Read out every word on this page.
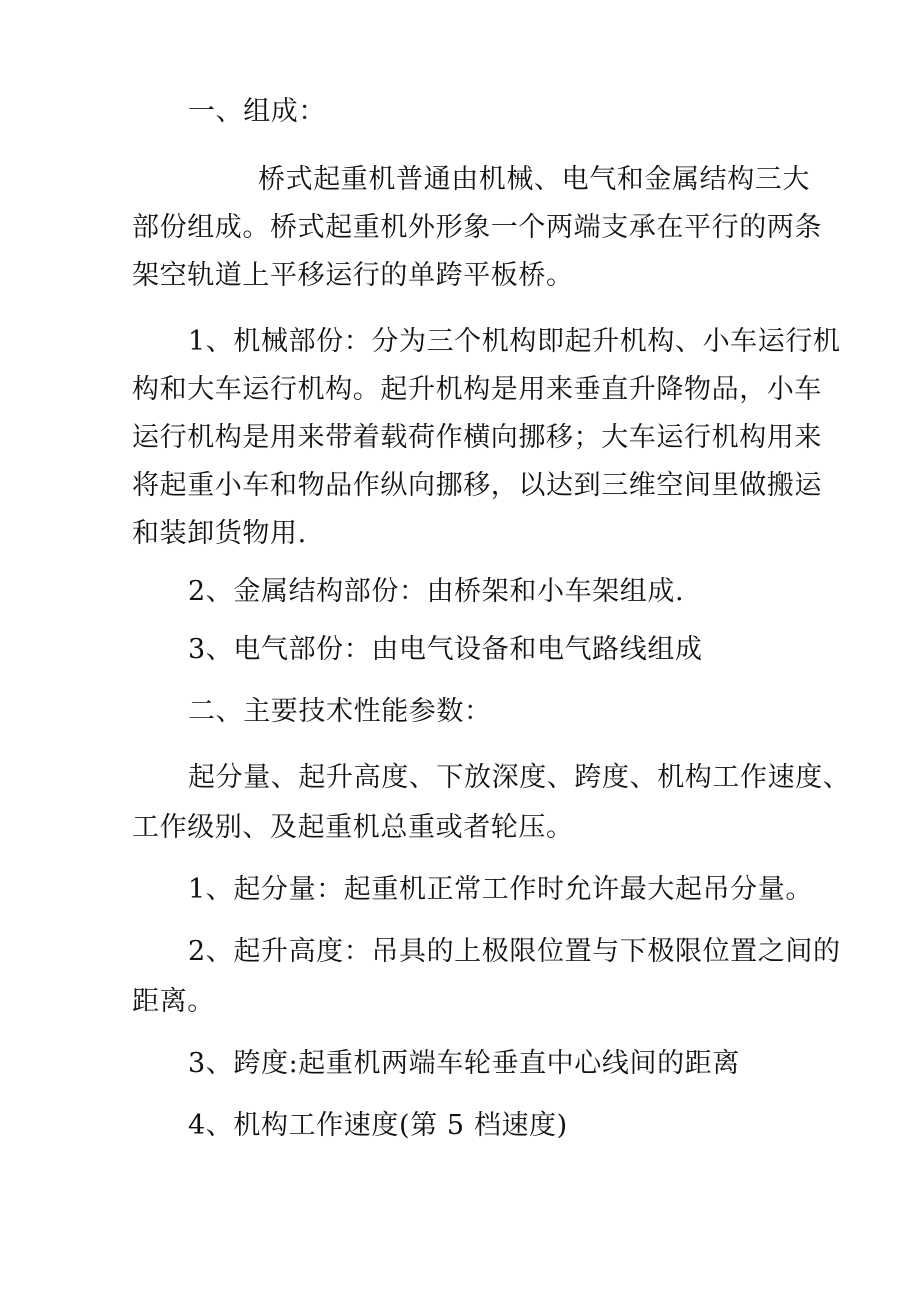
一、组成：

桥式起重机普通由机械、电气和金属结构三大

部份组成。桥式起重机外形象一个两端支承在平行的两条

架空轨道上平移运行的单跨平板桥。

1、机械部份：分为三个机构即起升机构、小车运行机

构和大车运行机构。起升机构是用来垂直升降物品，小车

运行机构是用来带着载荷作横向挪移；大车运行机构用来

将起重小车和物品作纵向挪移，以达到三维空间里做搬运

和装卸货物用.

2、金属结构部份：由桥架和小车架组成.

3、电气部份：由电气设备和电气路线组成

二、主要技术性能参数：

起分量、起升高度、下放深度、跨度、机构工作速度、

工作级别、及起重机总重或者轮压。

1、起分量：起重机正常工作时允许最大起吊分量。

2、起升高度：吊具的上极限位置与下极限位置之间的

距离。

3、跨度:起重机两端车轮垂直中心线间的距离

4、机构工作速度(第 5 档速度)
